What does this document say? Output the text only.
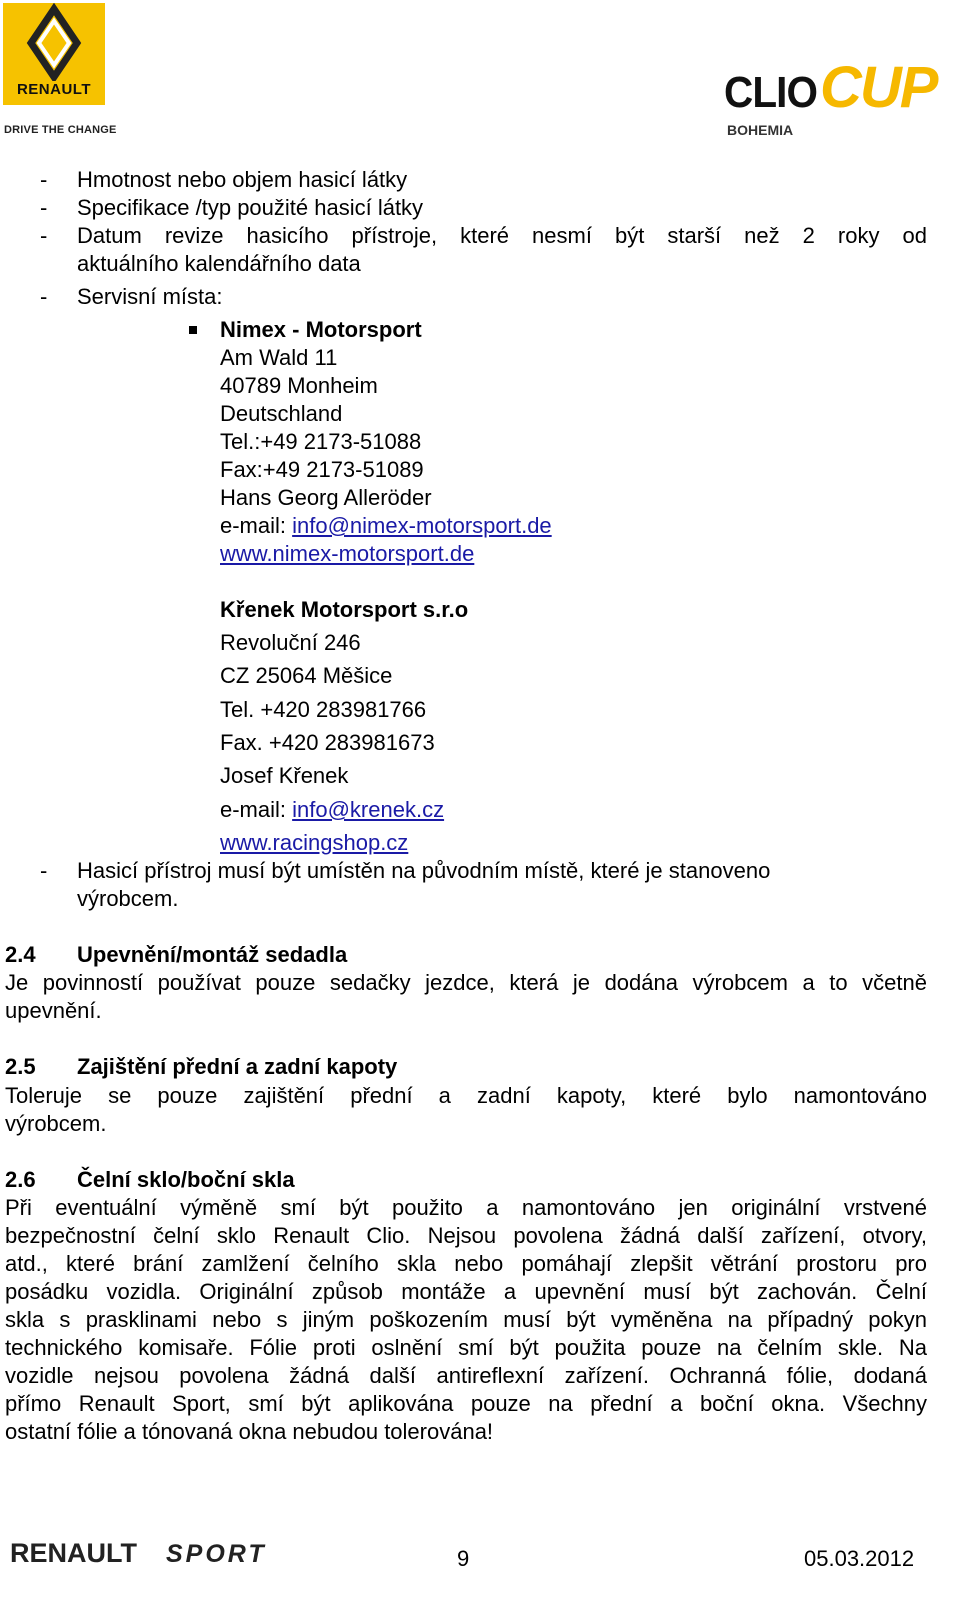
RENAULT
DRIVE THE CHANGE
CLIO CUP
BOHEMIA
- Hmotnost nebo objem hasicí látky
- Specifikace /typ použité hasicí látky
- Datum revize hasicího přístroje, které nesmí být starší než 2 roky od
aktuálního kalendářního data
- Servisní místa:
Nimex - Motorsport
Am Wald 11
40789 Monheim
Deutschland
Tel.:+49 2173-51088
Fax:+49 2173-51089
Hans Georg Alleröder
e-mail: info@nimex-motorsport.de
www.nimex-motorsport.de
Křenek Motorsport s.r.o
Revoluční 246
CZ 25064 Měšice
Tel. +420 283981766
Fax. +420 283981673
Josef Křenek
e-mail: info@krenek.cz
www.racingshop.cz
- Hasicí přístroj musí být umístěn na původním místě, které je stanoveno
výrobcem.
2.4 Upevnění/montáž sedadla
Je povinností používat pouze sedačky jezdce, která je dodána výrobcem a to včetně
upevnění.
2.5 Zajištění přední a zadní kapoty
Toleruje se pouze zajištění přední a zadní kapoty, které bylo namontováno
výrobcem.
2.6 Čelní sklo/boční skla
Při eventuální výměně smí být použito a namontováno jen originální vrstvené
bezpečnostní čelní sklo Renault Clio. Nejsou povolena žádná další zařízení, otvory,
atd., které brání zamlžení čelního skla nebo pomáhají zlepšit větrání prostoru pro
posádku vozidla. Originální způsob montáže a upevnění musí být zachován. Čelní
skla s prasklinami nebo s jiným poškozením musí být vyměněna na případný pokyn
technického komisaře. Fólie proti oslnění smí být použita pouze na čelním skle. Na
vozidle nejsou povolena žádná další antireflexní zařízení. Ochranná fólie, dodaná
přímo Renault Sport, smí být aplikována pouze na přední a boční okna. Všechny
ostatní fólie a tónovaná okna nebudou tolerována!
RENAULT SPORT	9	05.03.2012
